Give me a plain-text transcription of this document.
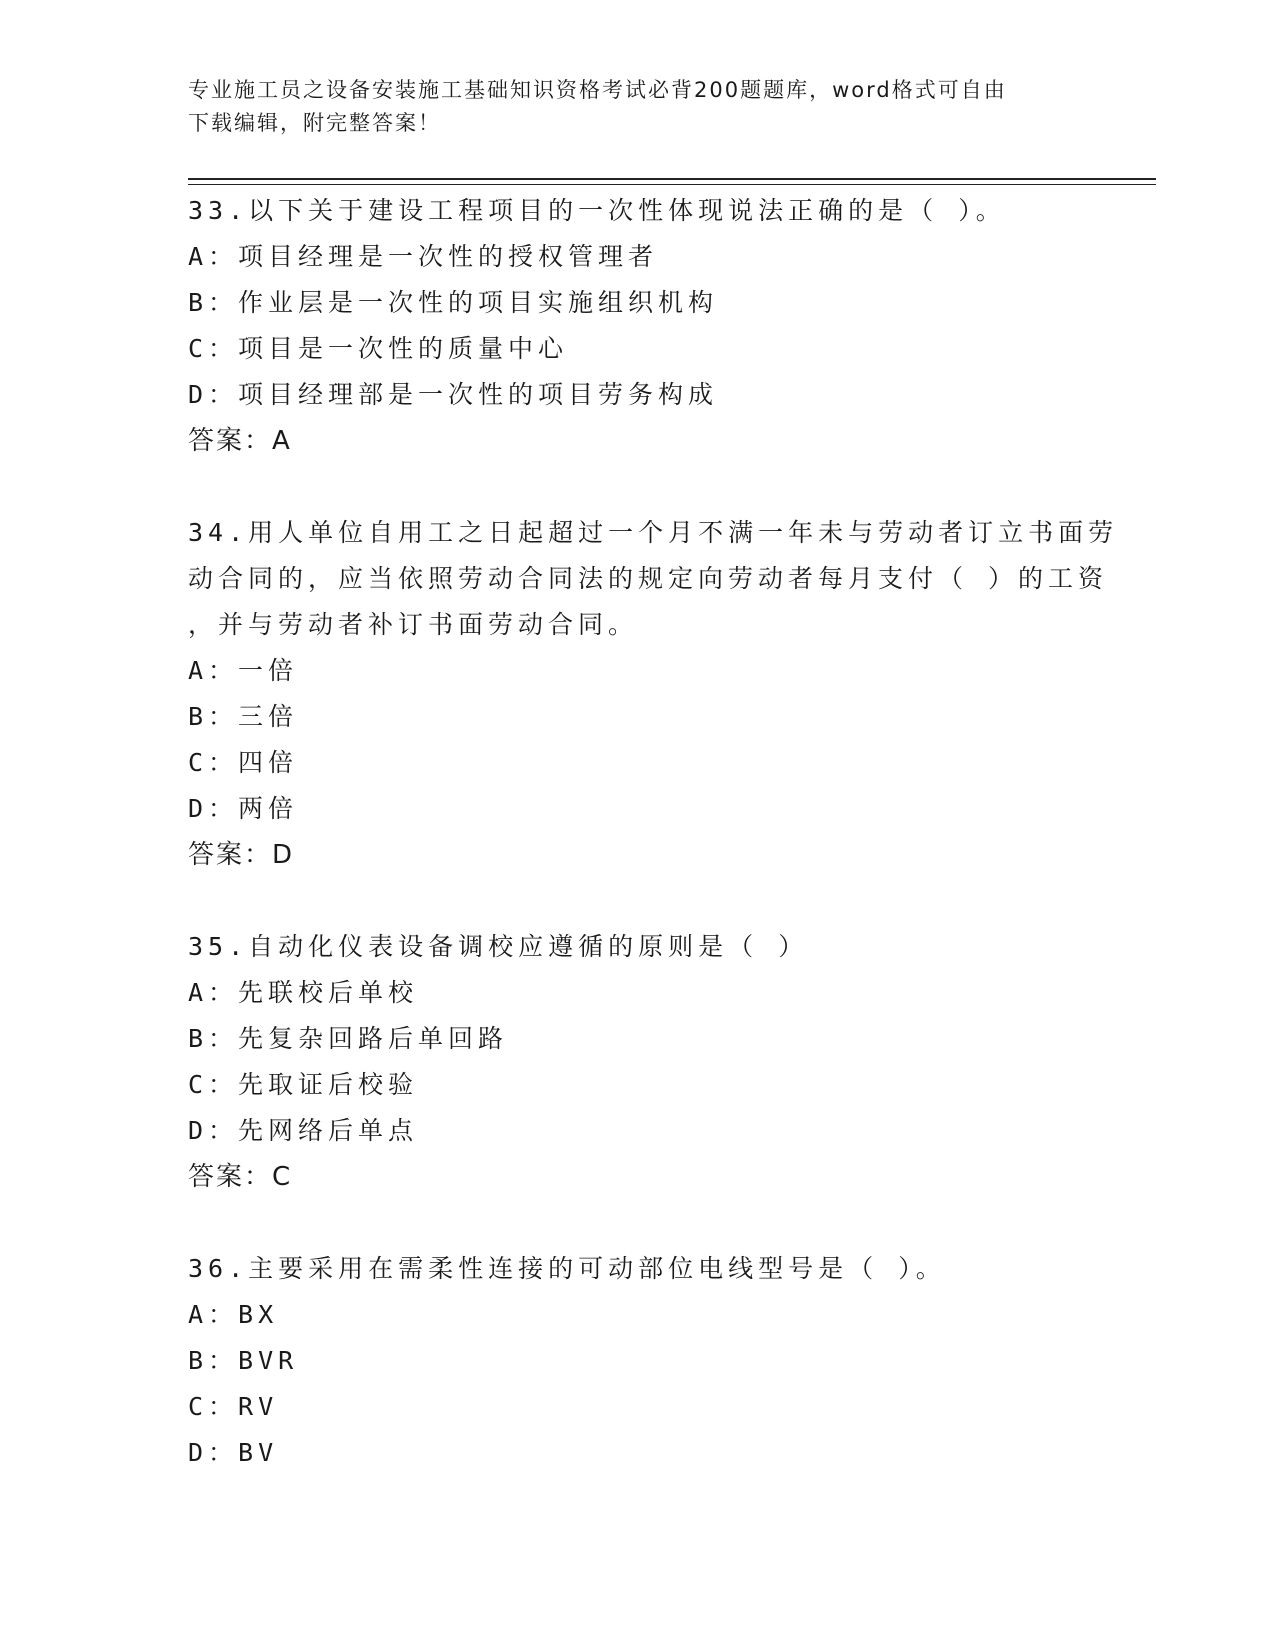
专业施工员之设备安装施工基础知识资格考试必背200题题库，word格式可自由
下载编辑，附完整答案！
33.以下关于建设工程项目的一次性体现说法正确的是（ ）。
A：项目经理是一次性的授权管理者
B：作业层是一次性的项目实施组织机构
C：项目是一次性的质量中心
D：项目经理部是一次性的项目劳务构成
答案：A
34.用人单位自用工之日起超过一个月不满一年未与劳动者订立书面劳
动合同的，应当依照劳动合同法的规定向劳动者每月支付（ ）的工资
，并与劳动者补订书面劳动合同。
A：一倍
B：三倍
C：四倍
D：两倍
答案：D
35.自动化仪表设备调校应遵循的原则是（ ）
A：先联校后单校
B：先复杂回路后单回路
C：先取证后校验
D：先网络后单点
答案：C
36.主要采用在需柔性连接的可动部位电线型号是（ ）。
A：BX
B：BVR
C：RV
D：BV
